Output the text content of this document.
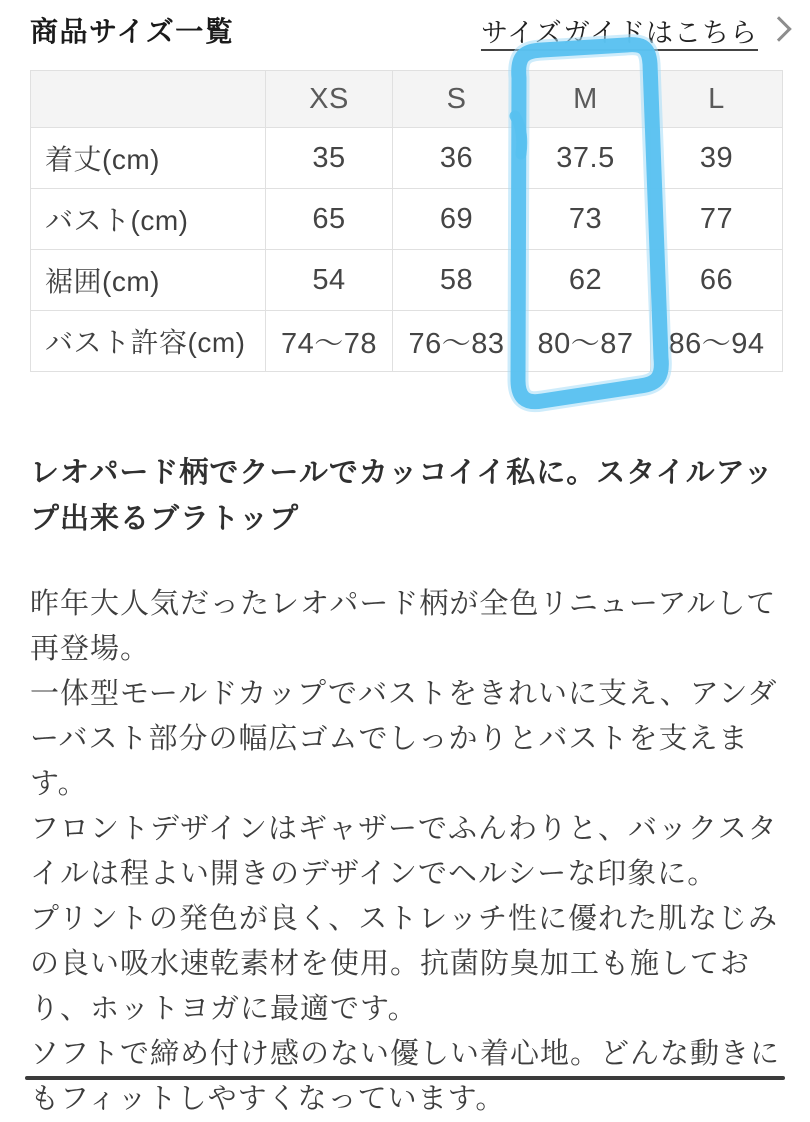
商品サイズ一覧	サイズガイドはこちら
	XS	S	M	L
着丈(cm)	35	36	37.5	39
バスト(cm)	65	69	73	77
裾囲(cm)	54	58	62	66
バスト許容(cm)	74〜78	76〜83	80〜87	86〜94
レオパード柄でクールでカッコイイ私に。スタイルアップ出来るブラトップ
昨年大人気だったレオパード柄が全色リニューアルして再登場。
一体型モールドカップでバストをきれいに支え、アンダーバスト部分の幅広ゴムでしっかりとバストを支えます。
フロントデザインはギャザーでふんわりと、バックスタイルは程よい開きのデザインでヘルシーな印象に。
プリントの発色が良く、ストレッチ性に優れた肌なじみの良い吸水速乾素材を使用。抗菌防臭加工も施しており、ホットヨガに最適です。
ソフトで締め付け感のない優しい着心地。どんな動きにもフィットしやすくなっています。
